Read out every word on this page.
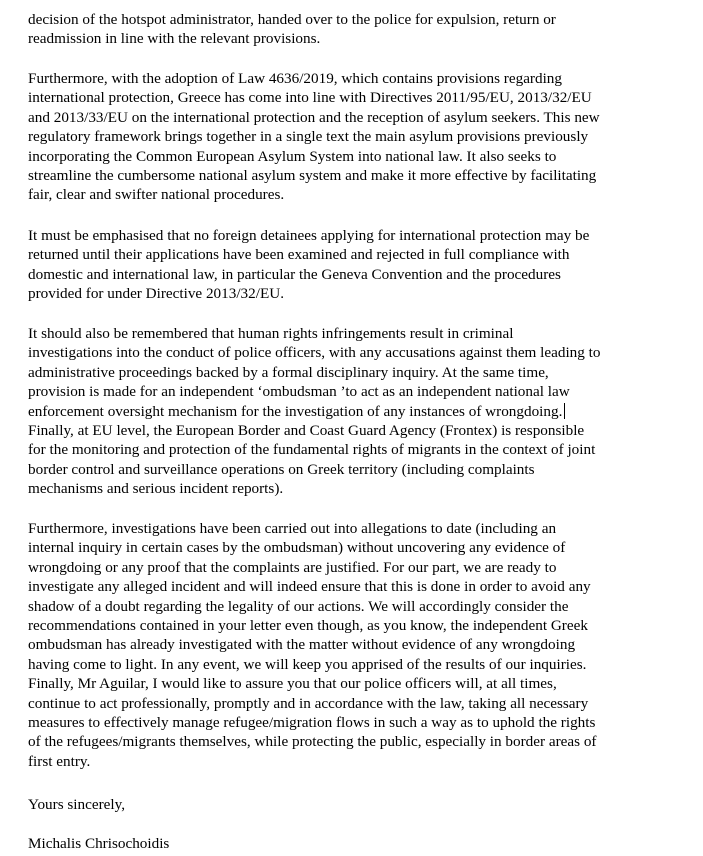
decision of the hotspot administrator, handed over to the police for expulsion, return or
readmission in line with the relevant provisions.
Furthermore, with the adoption of Law 4636/2019, which contains provisions regarding
international protection, Greece has come into line with Directives 2011/95/EU, 2013/32/EU
and 2013/33/EU on the international protection and the reception of asylum seekers. This new
regulatory framework brings together in a single text the main asylum provisions previously
incorporating the Common European Asylum System into national law. It also seeks to
streamline the cumbersome national asylum system and make it more effective by facilitating
fair, clear and swifter national procedures.
It must be emphasised that no foreign detainees applying for international protection may be
returned until their applications have been examined and rejected in full compliance with
domestic and international law, in particular the Geneva Convention and the procedures
provided for under Directive 2013/32/EU.
It should also be remembered that human rights infringements result in criminal
investigations into the conduct of police officers, with any accusations against them leading to
administrative proceedings backed by a formal disciplinary inquiry. At the same time,
provision is made for an independent ‘ombudsman ’to act as an independent national law
enforcement oversight mechanism for the investigation of any instances of wrongdoing.
Finally, at EU level, the European Border and Coast Guard Agency (Frontex) is responsible
for the monitoring and protection of the fundamental rights of migrants in the context of joint
border control and surveillance operations on Greek territory (including complaints
mechanisms and serious incident reports).
Furthermore, investigations have been carried out into allegations to date (including an
internal inquiry in certain cases by the ombudsman) without uncovering any evidence of
wrongdoing or any proof that the complaints are justified. For our part, we are ready to
investigate any alleged incident and will indeed ensure that this is done in order to avoid any
shadow of a doubt regarding the legality of our actions. We will accordingly consider the
recommendations contained in your letter even though, as you know, the independent Greek
ombudsman has already investigated with the matter without evidence of any wrongdoing
having come to light. In any event, we will keep you apprised of the results of our inquiries.
Finally, Mr Aguilar, I would like to assure you that our police officers will, at all times,
continue to act professionally, promptly and in accordance with the law, taking all necessary
measures to effectively manage refugee/migration flows in such a way as to uphold the rights
of the refugees/migrants themselves, while protecting the public, especially in border areas of
first entry.
Yours sincerely,
Michalis Chrisochoidis
